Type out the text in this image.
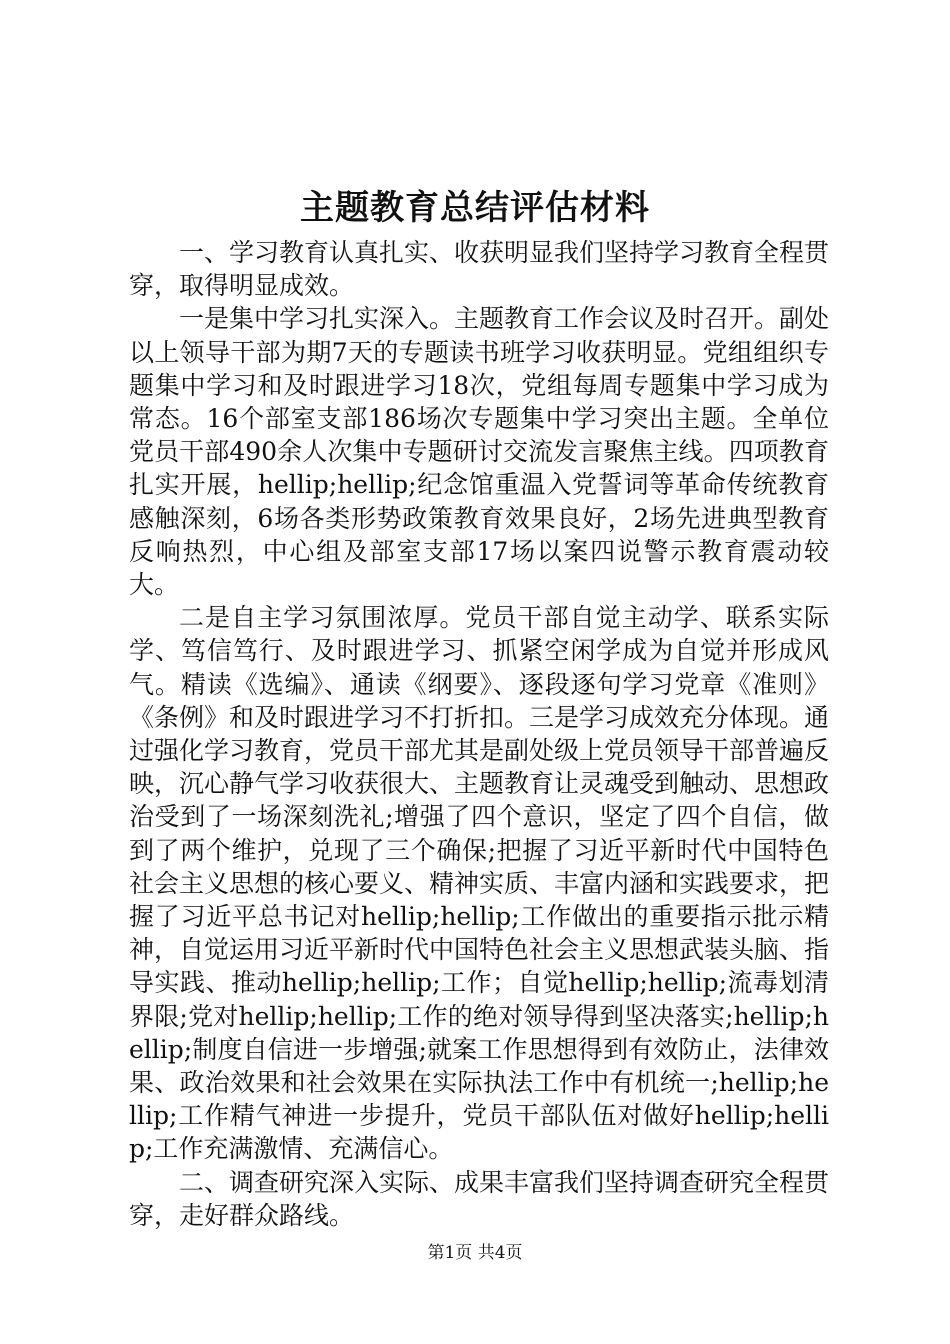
主题教育总结评估材料

一、学习教育认真扎实、收获明显我们坚持学习教育全程贯穿，取得明显成效。

一是集中学习扎实深入。主题教育工作会议及时召开。副处以上领导干部为期7天的专题读书班学习收获明显。党组组织专题集中学习和及时跟进学习18次，党组每周专题集中学习成为常态。16个部室支部186场次专题集中学习突出主题。全单位党员干部490余人次集中专题研讨交流发言聚焦主线。四项教育扎实开展，hellip;hellip;纪念馆重温入党誓词等革命传统教育感触深刻，6场各类形势政策教育效果良好，2场先进典型教育反响热烈，中心组及部室支部17场以案四说警示教育震动较大。

二是自主学习氛围浓厚。党员干部自觉主动学、联系实际学、笃信笃行、及时跟进学习、抓紧空闲学成为自觉并形成风气。精读《选编》、通读《纲要》、逐段逐句学习党章《准则》《条例》和及时跟进学习不打折扣。三是学习成效充分体现。通过强化学习教育，党员干部尤其是副处级上党员领导干部普遍反映，沉心静气学习收获很大、主题教育让灵魂受到触动、思想政治受到了一场深刻洗礼;增强了四个意识，坚定了四个自信，做到了两个维护，兑现了三个确保;把握了习近平新时代中国特色社会主义思想的核心要义、精神实质、丰富内涵和实践要求，把握了习近平总书记对hellip;hellip;工作做出的重要指示批示精神，自觉运用习近平新时代中国特色社会主义思想武装头脑、指导实践、推动hellip;hellip;工作；自觉hellip;hellip;流毒划清界限;党对hellip;hellip;工作的绝对领导得到坚决落实;hellip;hellip;制度自信进一步增强;就案工作思想得到有效防止，法律效果、政治效果和社会效果在实际执法工作中有机统一;hellip;hellip;工作精气神进一步提升，党员干部队伍对做好hellip;hellip;工作充满激情、充满信心。

二、调查研究深入实际、成果丰富我们坚持调查研究全程贯穿，走好群众路线。

第1页 共4页
